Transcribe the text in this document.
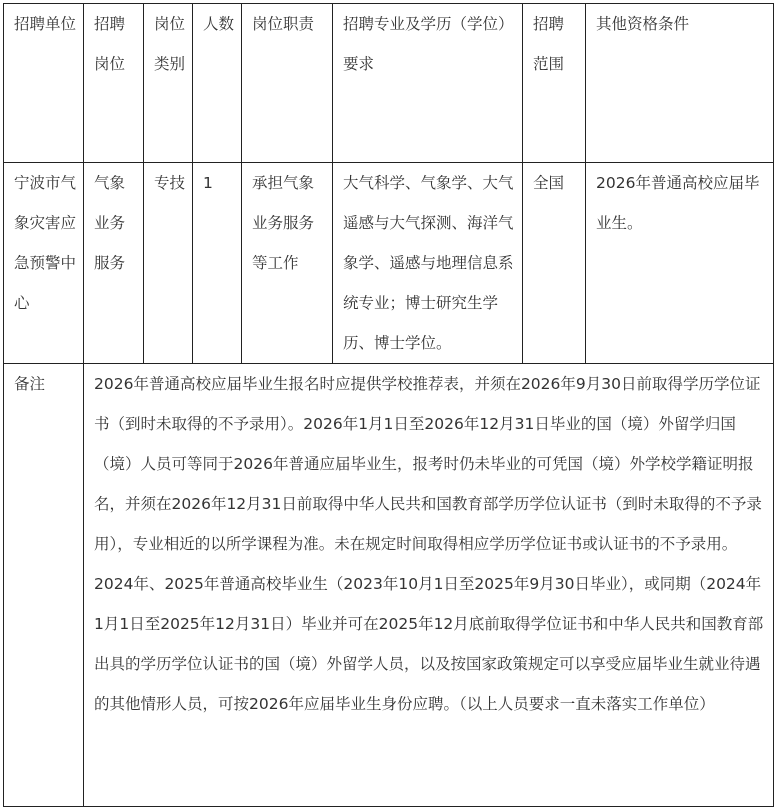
招聘单位	招聘岗位	岗位类别	人数	岗位职责	招聘专业及学历（学位）要求	招聘范围	其他资格条件

宁波市气象灾害应急预警中心	气象业务服务	专技	1	承担气象业务服务等工作	大气科学、气象学、大气遥感与大气探测、海洋气象学、遥感与地理信息系统专业；博士研究生学历、博士学位。	全国	2026年普通高校应届毕业生。

备注	2026年普通高校应届毕业生报名时应提供学校推荐表，并须在2026年9月30日前取得学历学位证书（到时未取得的不予录用）。2026年1月1日至2026年12月31日毕业的国（境）外留学归国（境）人员可等同于2026年普通应届毕业生，报考时仍未毕业的可凭国（境）外学校学籍证明报名，并须在2026年12月31日前取得中华人民共和国教育部学历学位认证书（到时未取得的不予录用），专业相近的以所学课程为准。未在规定时间取得相应学历学位证书或认证书的不予录用。
2024年、2025年普通高校毕业生（2023年10月1日至2025年9月30日毕业），或同期（2024年1月1日至2025年12月31日）毕业并可在2025年12月底前取得学位证书和中华人民共和国教育部出具的学历学位认证书的国（境）外留学人员，以及按国家政策规定可以享受应届毕业生就业待遇的其他情形人员，可按2026年应届毕业生身份应聘。（以上人员要求一直未落实工作单位）						
